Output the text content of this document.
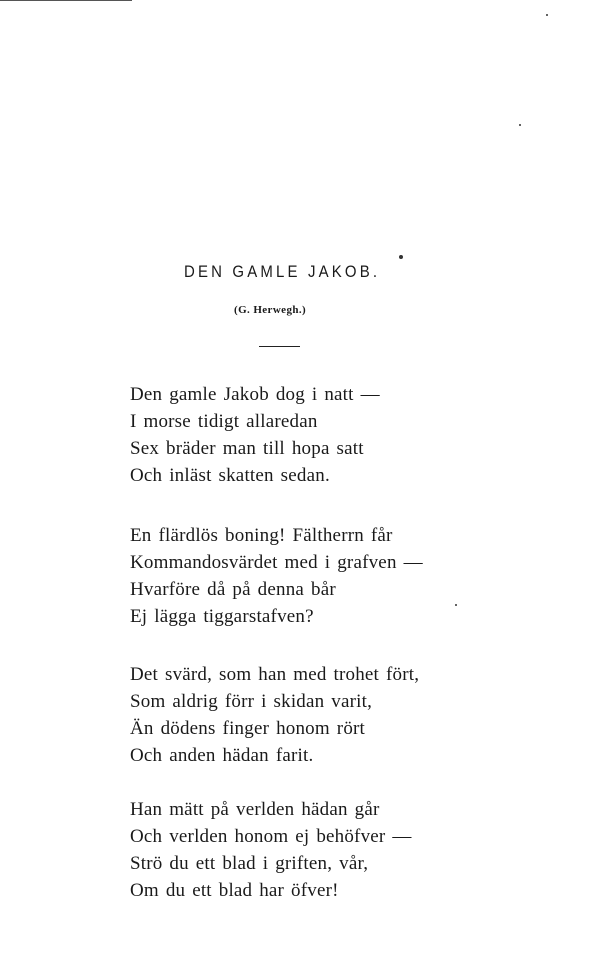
DEN GAMLE JAKOB.
(G. Herwegh.)
Den gamle Jakob dog i natt —
I morse tidigt allaredan
Sex bräder man till hopa satt
Och inläst skatten sedan.
En flärdlös boning! Fältherrn får
Kommandosvärdet med i grafven —
Hvarföre då på denna bår
Ej lägga tiggarstafven?
Det svärd, som han med trohet fört,
Som aldrig förr i skidan varit,
Än dödens finger honom rört
Och anden hädan farit.
Han mätt på verlden hädan går
Och verlden honom ej behöfver —
Strö du ett blad i griften, vår,
Om du ett blad har öfver!
